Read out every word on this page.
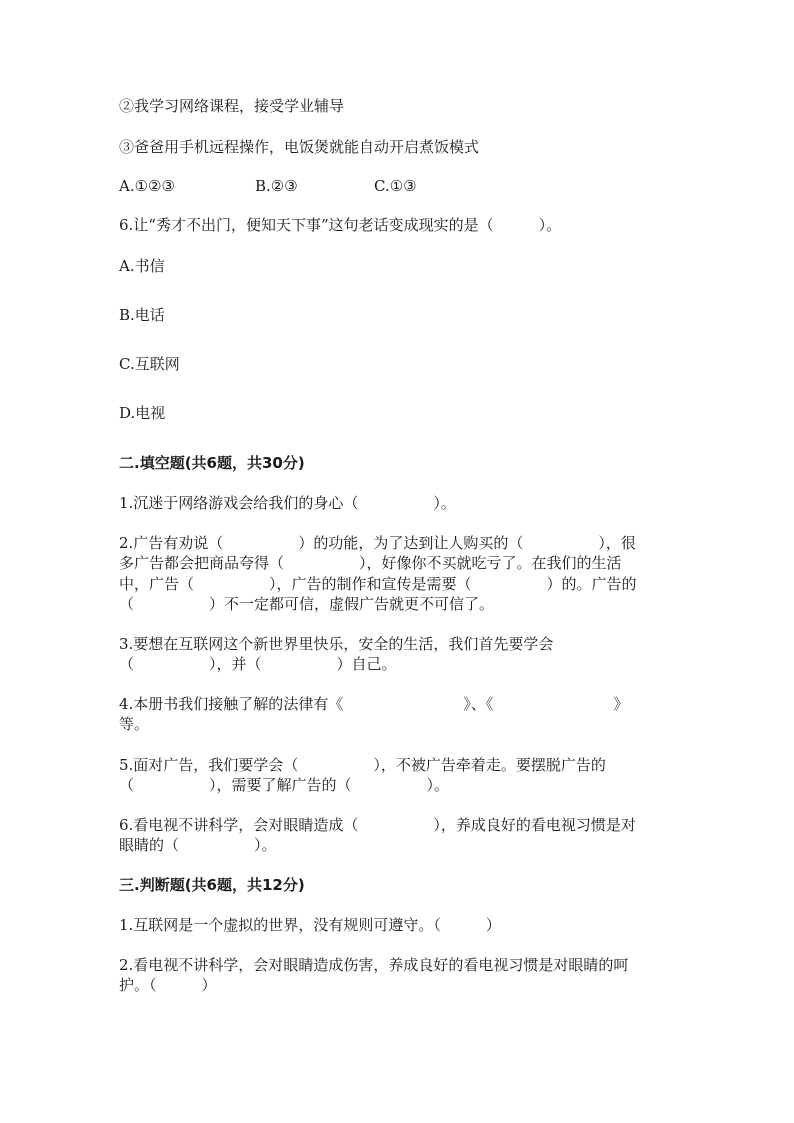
②我学习网络课程，接受学业辅导
③爸爸用手机远程操作，电饭煲就能自动开启煮饭模式

A.①②③

	B.②③

	C.①③

6.让“秀才不出门，便知天下事”这句老话变成现实的是（　　　）。
A.书信
B.电话
C.互联网
D.电视
二.填空题(共6题，共30分)
1.沉迷于网络游戏会给我们的身心（　　　　　）。
2.广告有劝说（　　　　　）的功能，为了达到让人购买的（　　　　　），很
多广告都会把商品夸得（　　　　　），好像你不买就吃亏了。在我们的生活
中，广告（　　　　　），广告的制作和宣传是需要（　　　　　）的。广告的
（　　　　　）不一定都可信，虚假广告就更不可信了。
3.要想在互联网这个新世界里快乐，安全的生活，我们首先要学会
（　　　　　），并（　　　　　）自己。
4.本册书我们接触了解的法律有《　　　　　　　　》、《　　　　　　　　》
等。
5.面对广告，我们要学会（　　　　　），不被广告牵着走。要摆脱广告的
（　　　　　），需要了解广告的（　　　　　）。
6.看电视不讲科学，会对眼睛造成（　　　　　），养成良好的看电视习惯是对
眼睛的（　　　　　）。
三.判断题(共6题，共12分)
1.互联网是一个虚拟的世界，没有规则可遵守。（　　　）
2.看电视不讲科学，会对眼睛造成伤害，养成良好的看电视习惯是对眼睛的呵
护。（　　　）
